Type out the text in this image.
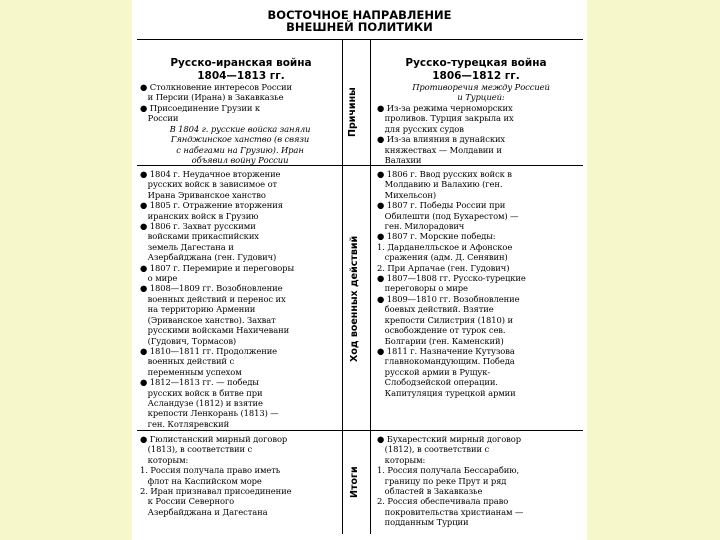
ВОСТОЧНОЕ НАПРАВЛЕНИЕ
ВНЕШНЕЙ ПОЛИТИКИ
Русско-иранская война
1804—1813 гг.
Русско-турецкая война
1806—1812 гг.
Причины
Ход военных действий
Итоги
● Столкновение интересов России
и Персии (Ирана) в Закавказье
● Присоединение Грузии к
России
В 1804 г. русские войска заняли
Гянджинское ханство (в связи
с набегами на Грузию). Иран
объявил войну России
Противоречия между Россией
и Турцией:
● Из-за режима черноморских
проливов. Турция закрыла их
для русских судов
● Из-за влияния в дунайских
княжествах — Молдавии и
Валахии
● 1804 г. Неудачное вторжение
русских войск в зависимое от
Ирана Эриванское ханство
● 1805 г. Отражение вторжения
иранских войск в Грузию
● 1806 г. Захват русскими
войсками прикаспийских
земель Дагестана и
Азербайджана (ген. Гудович)
● 1807 г. Перемирие и переговоры
о мире
● 1808—1809 гг. Возобновление
военных действий и перенос их
на территорию Армении
(Эриванское ханство). Захват
русскими войсками Нахичевани
(Гудович, Тормасов)
● 1810—1811 гг. Продолжение
военных действий с
переменным успехом
● 1812—1813 гг. — победы
русских войск в битве при
Асландузе (1812) и взятие
крепости Ленкорань (1813) —
ген. Котляревский
● 1806 г. Ввод русских войск в
Молдавию и Валахию (ген.
Михельсон)
● 1807 г. Победы России при
Обилешти (под Бухарестом) —
ген. Милорадович
● 1807 г. Морские победы:
1. Дарданелльское и Афонское
сражения (адм. Д. Сенявин)
2. При Арпачае (ген. Гудович)
● 1807—1808 гг. Русско-турецкие
переговоры о мире
● 1809—1810 гг. Возобновление
боевых действий. Взятие
крепости Силистрия (1810) и
освобождение от турок сев.
Болгарии (ген. Каменский)
● 1811 г. Назначение Кутузова
главнокомандующим. Победа
русской армии в Рущук-
Слободзейской операции.
Капитуляция турецкой армии
● Гюлистанский мирный договор
(1813), в соответствии с
которым:
1. Россия получала право иметь
флот на Каспийском море
2. Иран признавал присоединение
к России Северного
Азербайджана и Дагестана
● Бухарестский мирный договор
(1812), в соответствии с
которым:
1. Россия получала Бессарабию,
границу по реке Прут и ряд
областей в Закавказье
2. Россия обеспечивала право
покровительства христианам —
подданным Турции
